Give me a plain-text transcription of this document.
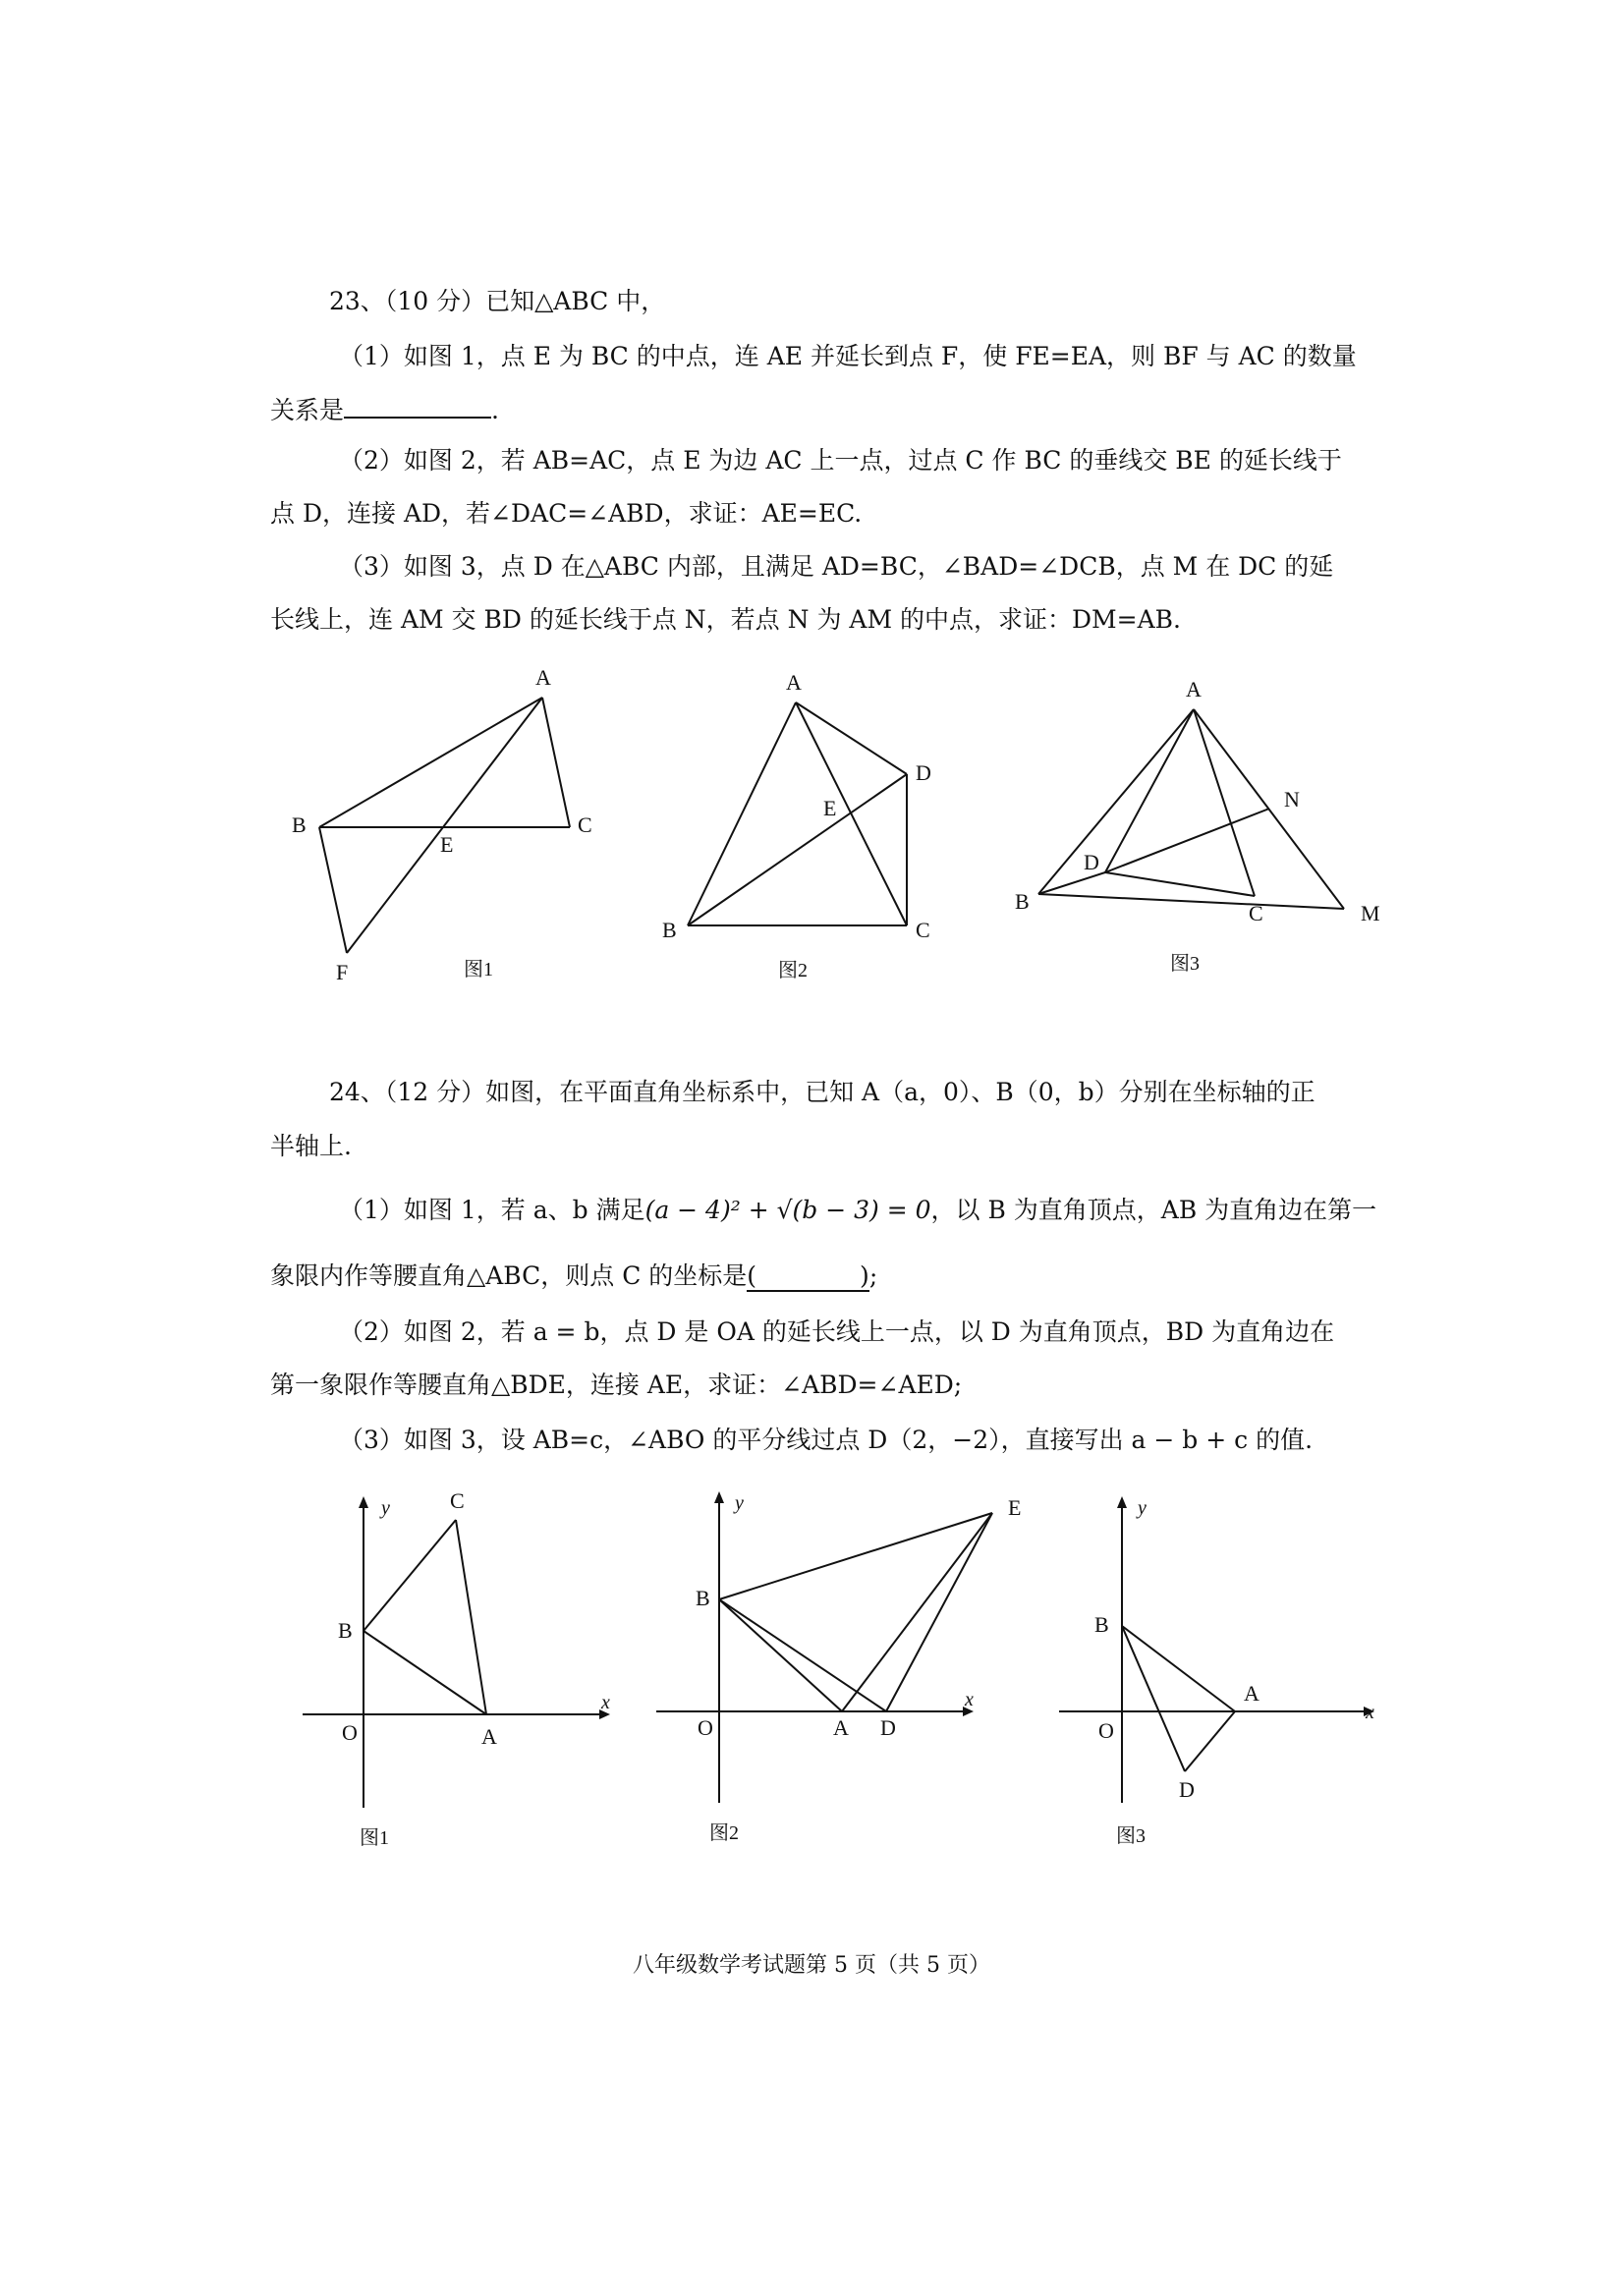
23、（10 分）已知△ABC 中，
（1）如图 1，点 E 为 BC 的中点，连 AE 并延长到点 F，使 FE=EA，则 BF 与 AC 的数量
关系是	.
（2）如图 2，若 AB=AC，点 E 为边 AC 上一点，过点 C 作 BC 的垂线交 BE 的延长线于
点 D，连接 AD，若∠DAC=∠ABD，求证：AE=EC.
（3）如图 3，点 D 在△ABC 内部，且满足 AD=BC，∠BAD=∠DCB，点 M 在 DC 的延
长线上，连 AM 交 BD 的延长线于点 N，若点 N 为 AM 的中点，求证：DM=AB.
A
B	C
E
F	图1
A
D
E
B	C
图2
A
N
D
B	C	M
图3
24、（12 分）如图，在平面直角坐标系中，已知 A（a，0）、B（0，b）分别在坐标轴的正
半轴上.
（1）如图 1，若 a、b 满足(a − 4)² + √(b − 3) = 0，以 B 为直角顶点，AB 为直角边在第一
象限内作等腰直角△ABC，则点 C 的坐标是(	);
（2）如图 2，若 a = b，点 D 是 OA 的延长线上一点，以 D 为直角顶点，BD 为直角边在
第一象限作等腰直角△BDE，连接 AE，求证：∠ABD=∠AED;
（3）如图 3，设 AB=c，∠ABO 的平分线过点 D（2，−2），直接写出 a − b + c 的值.
y
x
C
B
O	A
图1
y
x
E
B
O	A D
图2
y
x
B
A
O
D
图3
八年级数学考试题第 5 页（共 5 页）
